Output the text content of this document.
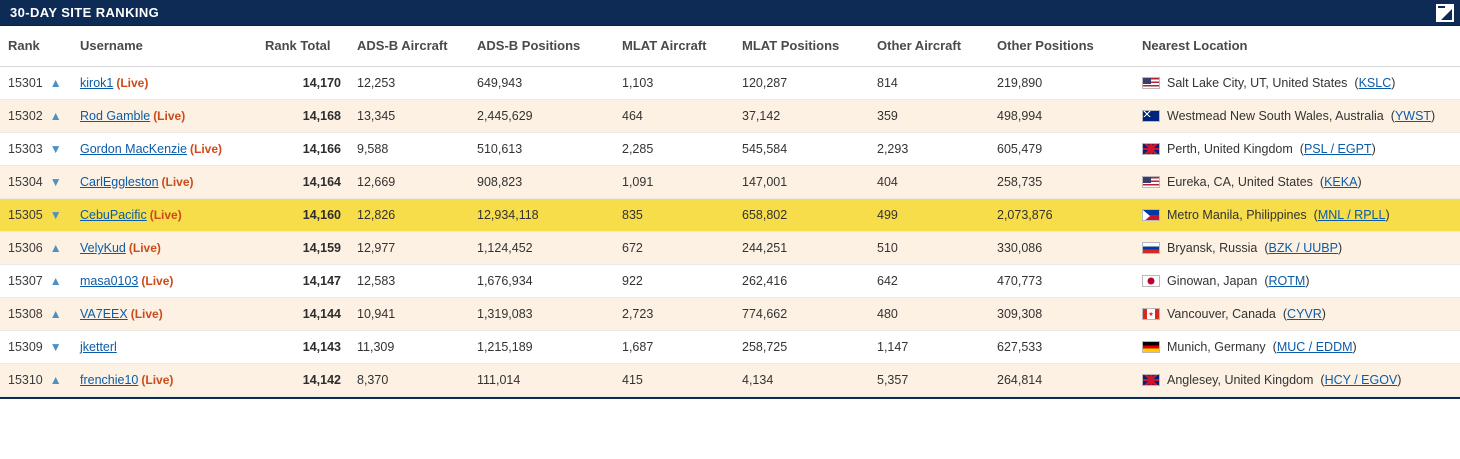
30-DAY SITE RANKING
Rank	Username	Rank Total	ADS-B Aircraft	ADS-B Positions	MLAT Aircraft	MLAT Positions	Other Aircraft	Other Positions	Nearest Location

15301 ▲	kirok1 (Live)	14,170	12,253	649,943	1,103	120,287	814	219,890	Salt Lake City, UT, United States (KSLC)

15302 ▲	Rod Gamble (Live)	14,168	13,345	2,445,629	464	37,142	359	498,994	Westmead New South Wales, Australia (YWST)

15303 ▼	Gordon MacKenzie (Live)	14,166	9,588	510,613	2,285	545,584	2,293	605,479	Perth, United Kingdom (PSL / EGPT)

15304 ▼	CarlEggleston (Live)	14,164	12,669	908,823	1,091	147,001	404	258,735	Eureka, CA, United States (KEKA)

15305 ▼	CebuPacific (Live)	14,160	12,826	12,934,118	835	658,802	499	2,073,876	Metro Manila, Philippines (MNL / RPLL)

15306 ▲	VelyKud (Live)	14,159	12,977	1,124,452	672	244,251	510	330,086	Bryansk, Russia (BZK / UUBP)

15307 ▲	masa0103 (Live)	14,147	12,583	1,676,934	922	262,416	642	470,773	Ginowan, Japan (ROTM)

15308 ▲	VA7EEX (Live)	14,144	10,941	1,319,083	2,723	774,662	480	309,308	Vancouver, Canada (CYVR)

15309 ▼	jketterl	14,143	11,309	1,215,189	1,687	258,725	1,147	627,533	Munich, Germany (MUC / EDDM)

15310 ▲	frenchie10 (Live)	14,142	8,370	111,014	415	4,134	5,357	264,814	Anglesey, United Kingdom (HCY / EGOV)
